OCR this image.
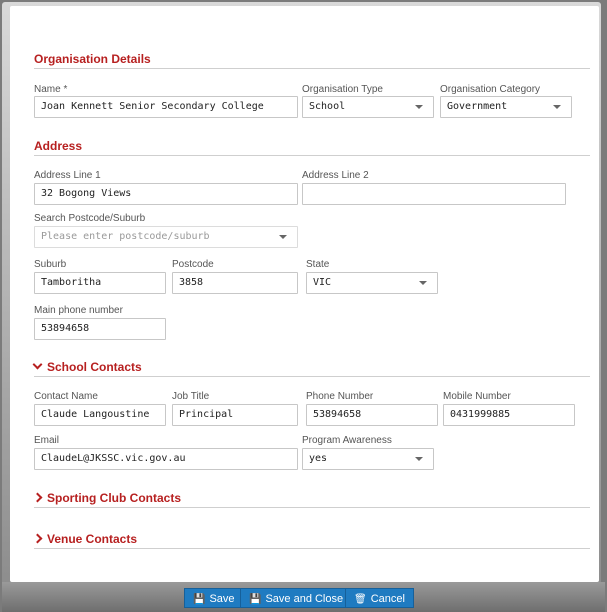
Organisation Details
Name *
Joan Kennett Senior Secondary College
Organisation Type
School
Organisation Category
Government
Address
Address Line 1
32 Bogong Views
Address Line 2
Search Postcode/Suburb
Please enter postcode/suburb
Suburb
Tamboritha
Postcode
3858
State
VIC
Main phone number
53894658
School Contacts
Contact Name
Claude Langoustine
Job Title
Principal
Phone Number
53894658
Mobile Number
0431999885
Email
ClaudeL@JKSSC.vic.gov.au
Program Awareness
yes
Sporting Club Contacts
Venue Contacts
💾 Save	💾 Save and Close	🗑 Cancel
